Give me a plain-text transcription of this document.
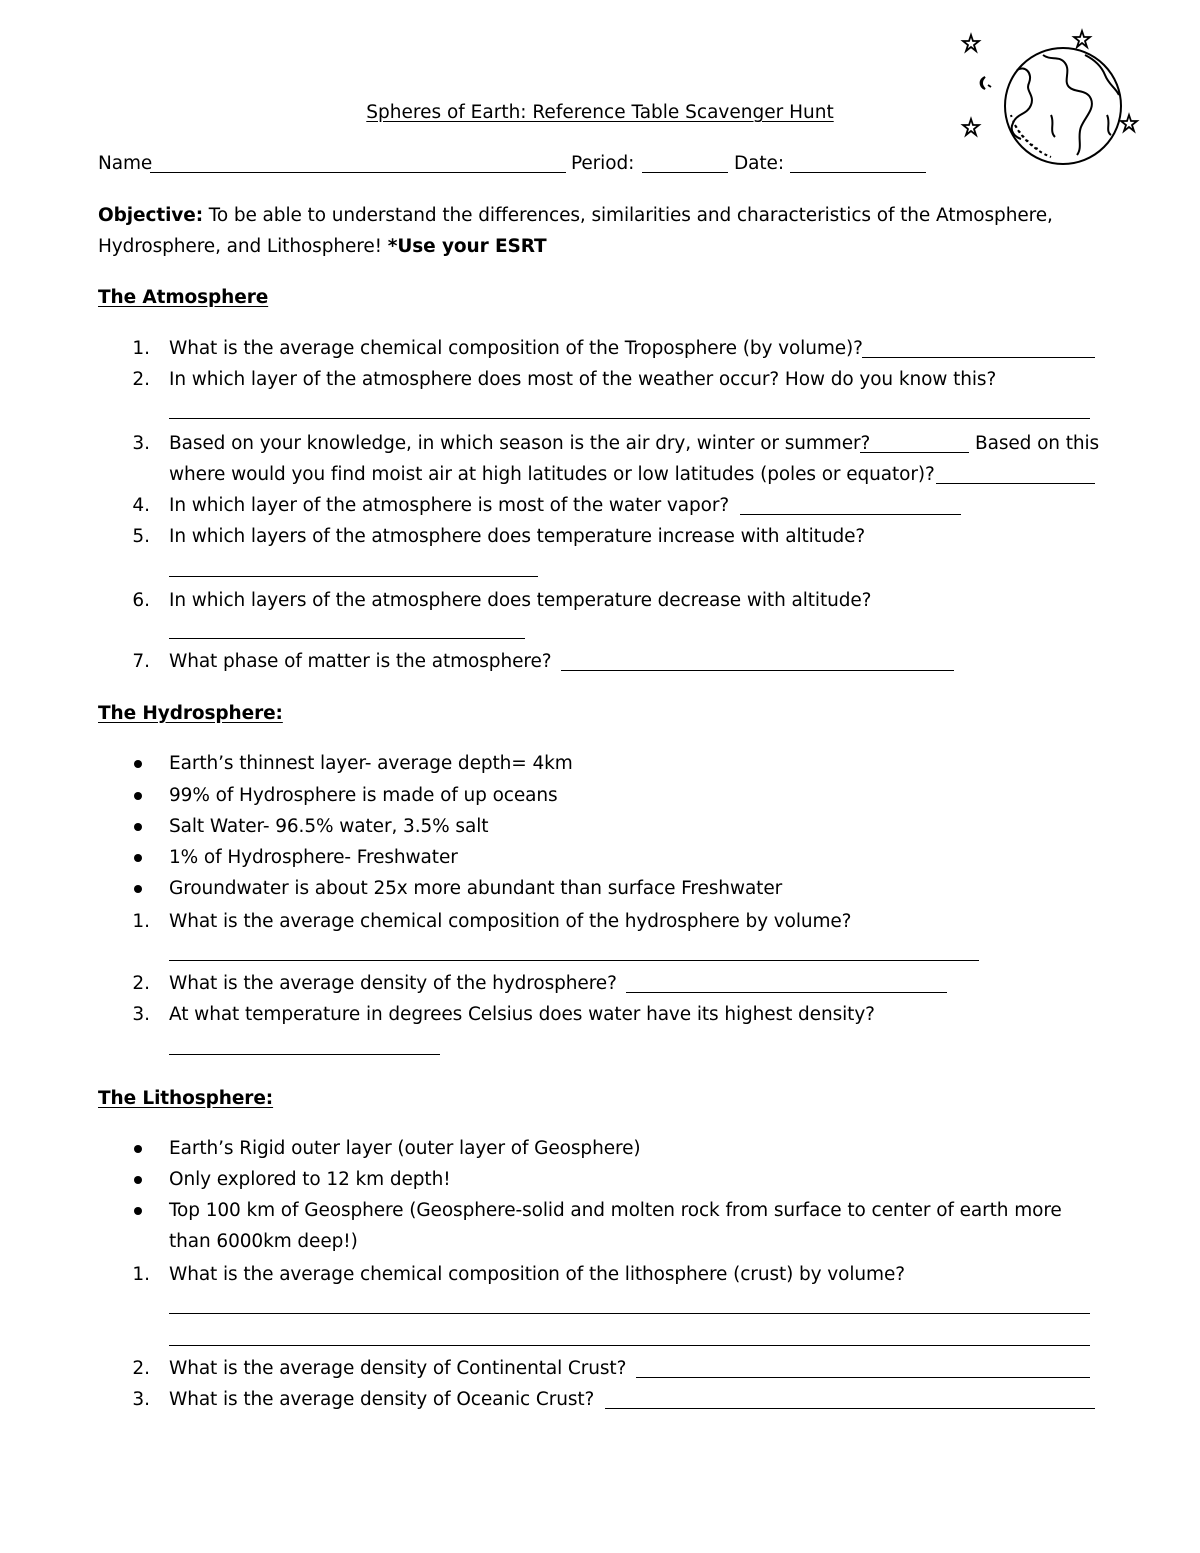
Spheres of Earth: Reference Table Scavenger Hunt
Name	Period:	Date:
Objective: To be able to understand the differences, similarities and characteristics of the Atmosphere,
Hydrosphere, and Lithosphere! *Use your ESRT
The Atmosphere
1. What is the average chemical composition of the Troposphere (by volume)?
2. In which layer of the atmosphere does most of the weather occur? How do you know this?
3. Based on your knowledge, in which season is the air dry, winter or summer?	Based on this
where would you find moist air at high latitudes or low latitudes (poles or equator)?
4. In which layer of the atmosphere is most of the water vapor?
5. In which layers of the atmosphere does temperature increase with altitude?
6. In which layers of the atmosphere does temperature decrease with altitude?
7. What phase of matter is the atmosphere?
The Hydrosphere:
Earth’s thinnest layer- average depth= 4km
99% of Hydrosphere is made of up oceans
Salt Water- 96.5% water, 3.5% salt
1% of Hydrosphere- Freshwater
Groundwater is about 25x more abundant than surface Freshwater
1. What is the average chemical composition of the hydrosphere by volume?
2. What is the average density of the hydrosphere?
3. At what temperature in degrees Celsius does water have its highest density?
The Lithosphere:
Earth’s Rigid outer layer (outer layer of Geosphere)
Only explored to 12 km depth!
Top 100 km of Geosphere (Geosphere-solid and molten rock from surface to center of earth more
than 6000km deep!)
1. What is the average chemical composition of the lithosphere (crust) by volume?
2. What is the average density of Continental Crust?
3. What is the average density of Oceanic Crust?
